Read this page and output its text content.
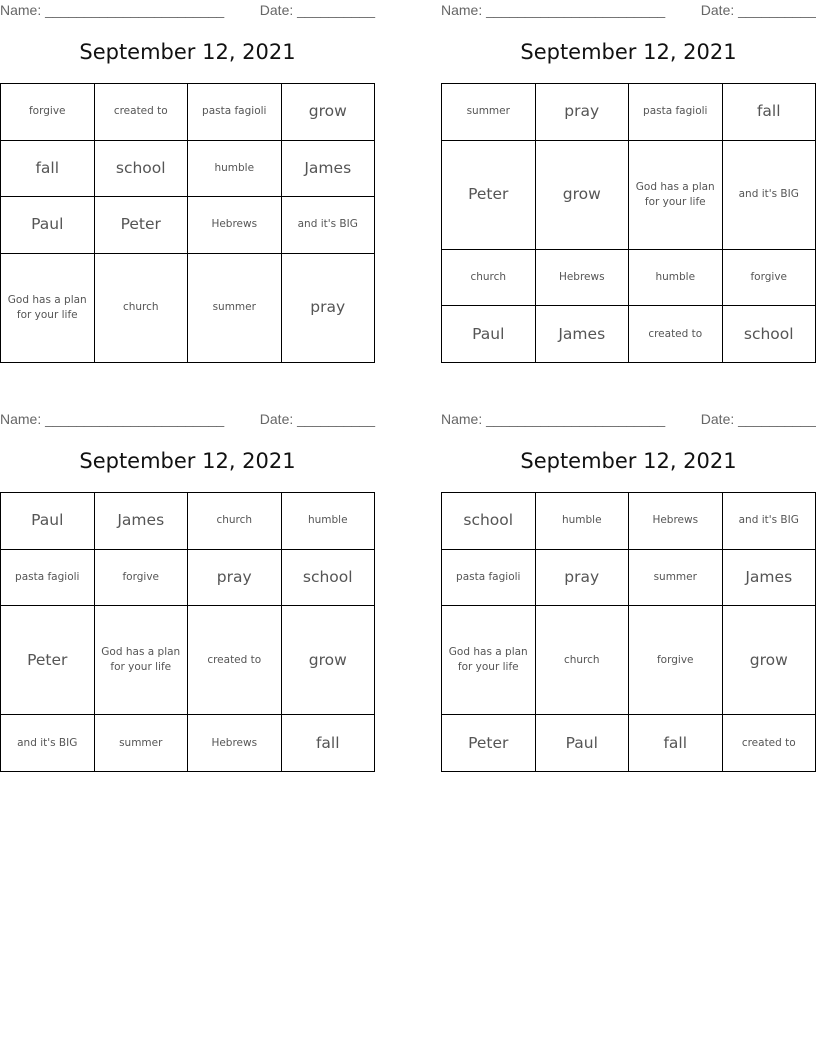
Name: _______________________	Date: __________
September 12, 2021
forgive	created to	pasta fagioli	grow
fall	school	humble	James
Paul	Peter	Hebrews	and it's BIG
God has a plan for your life	church	summer	pray
Name: _______________________	Date: __________
September 12, 2021
summer	pray	pasta fagioli	fall
Peter	grow	God has a plan for your life	and it's BIG
church	Hebrews	humble	forgive
Paul	James	created to	school
Name: _______________________	Date: __________
September 12, 2021
Paul	James	church	humble
pasta fagioli	forgive	pray	school
Peter	God has a plan for your life	created to	grow
and it's BIG	summer	Hebrews	fall
Name: _______________________	Date: __________
September 12, 2021
school	humble	Hebrews	and it's BIG
pasta fagioli	pray	summer	James
God has a plan for your life	church	forgive	grow
Peter	Paul	fall	created to
